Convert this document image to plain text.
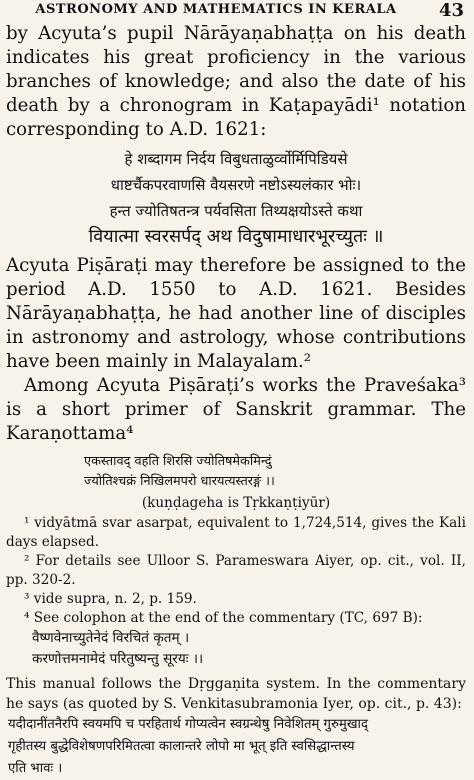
ASTRONOMY AND MATHEMATICS IN KERALA	43

by Acyuta’s pupil Nārāyaṇabhaṭṭa on his death indicates his great proficiency in the various branches of knowledge; and also the date of his death by a chronogram in Kaṭapayādi¹ notation corresponding to A.D. 1621:

हे शब्दागम निर्दय विबुधताळुर्व्वोर्मिपिडियसे
धाष्टर्चैकपरवाणसि वैयसरणे नष्टोऽस्यलंकार भोः।
हन्त ज्योतिषतन्त्र पर्यवसिता तिथ्यक्षयोऽस्ते कथा
वियात्मा स्वरसर्पद् अथ विदुषामाधारभूरच्युतः ॥

Acyuta Piṣāraṭi may therefore be assigned to the period A.D. 1550 to A.D. 1621. Besides Nārāyaṇabhaṭṭa, he had another line of disciples in astronomy and astrology, whose contributions have been mainly in Malayalam.²

Among Acyuta Piṣāraṭi’s works the Praveśaka³ is a short primer of Sanskrit grammar. The Karaṇottama⁴

एकस्तावद् वहति शिरसि ज्योतिषमेकमिन्दुं
ज्योतिश्चक्रं निखिलमपरो धारयत्यस्तरङ्गं ।।
(kuṇḍageha is Tṛkkaṇṭiyūr)

¹ vidyātmā svar asarpat, equivalent to 1,724,514, gives the Kali days elapsed.

² For details see Ulloor S. Parameswara Aiyer, op. cit., vol. II, pp. 320-2.

³ vide supra, n. 2, p. 159.

⁴ See colophon at the end of the commentary (TC, 697 B):

वैष्णवेनाच्युतेनेदं विरचितं कृतम् ।
करणोत्तमनामेदं परितुष्यन्तु सूरयः ।।

This manual follows the Dṛggaṇita system. In the commentary he says (as quoted by S. Venkitasubramonia Iyer, op. cit., p. 43):

यदीदानींतनैरपि स्वयमपि च परहितार्थ गोप्यत्वेन स्वग्रन्थेषु निवेशितम् गुरुमुखाद्
गृहीतस्य बुद्धेविशेषणपरिमितत्वा कालान्तरे लोपो मा भूत् इति स्वसिद्धान्तस्य
एति भावः ।
